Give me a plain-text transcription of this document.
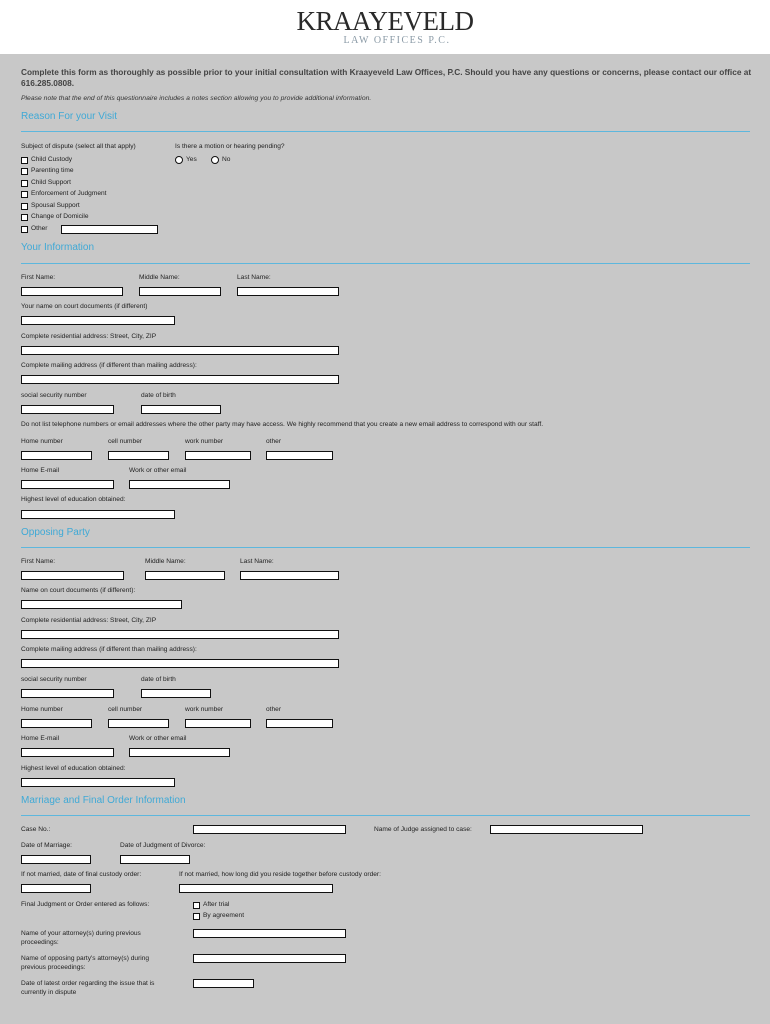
KRAAYEVELD
LAW OFFICES P.C.
Complete this form as thoroughly as possible prior to your initial consultation with Kraayeveld Law Offices, P.C. Should you have any questions or concerns, please contact our office at 616.285.0808.
Please note that the end of this questionnaire includes a notes section allowing you to provide additional information.
Reason For your Visit
Subject of dispute (select all that apply)	Is there a motion or hearing pending?
Child Custody
Parenting time
Child Support
Enforcement of Judgment
Spousal Support
Change of Domicile
Other
Yes	No
Your Information
First Name:	Middle Name:	Last Name:
Your name on court documents (if different)
Complete residential address: Street, City, ZIP
Complete mailing address (if different than mailing address):
social security number	date of birth
Do not list telephone numbers or email addresses where the other party may have access. We highly recommend that you create a new email address to correspond with our staff.
Home number	cell number	work number	other
Home E-mail	Work or other email
Highest level of education obtained:
Opposing Party
First Name:	Middle Name:	Last Name:
Name on court documents (if different):
Complete residential address: Street, City, ZIP
Complete mailing address (if different than mailing address):
social security number	date of birth
Home number	cell number	work number	other
Home E-mail	Work or other email
Highest level of education obtained:
Marriage and Final Order Information
Case No.:	Name of Judge assigned to case:
Date of Marriage:	Date of Judgment of Divorce:
If not married, date of final custody order:	If not married, how long did you reside together before custody order:
Final Judgment or Order entered as follows:	After trial
By agreement
Name of your attorney(s) during previous proceedings:
Name of opposing party's attorney(s) during previous proceedings:
Date of latest order regarding the issue that is currently in dispute
